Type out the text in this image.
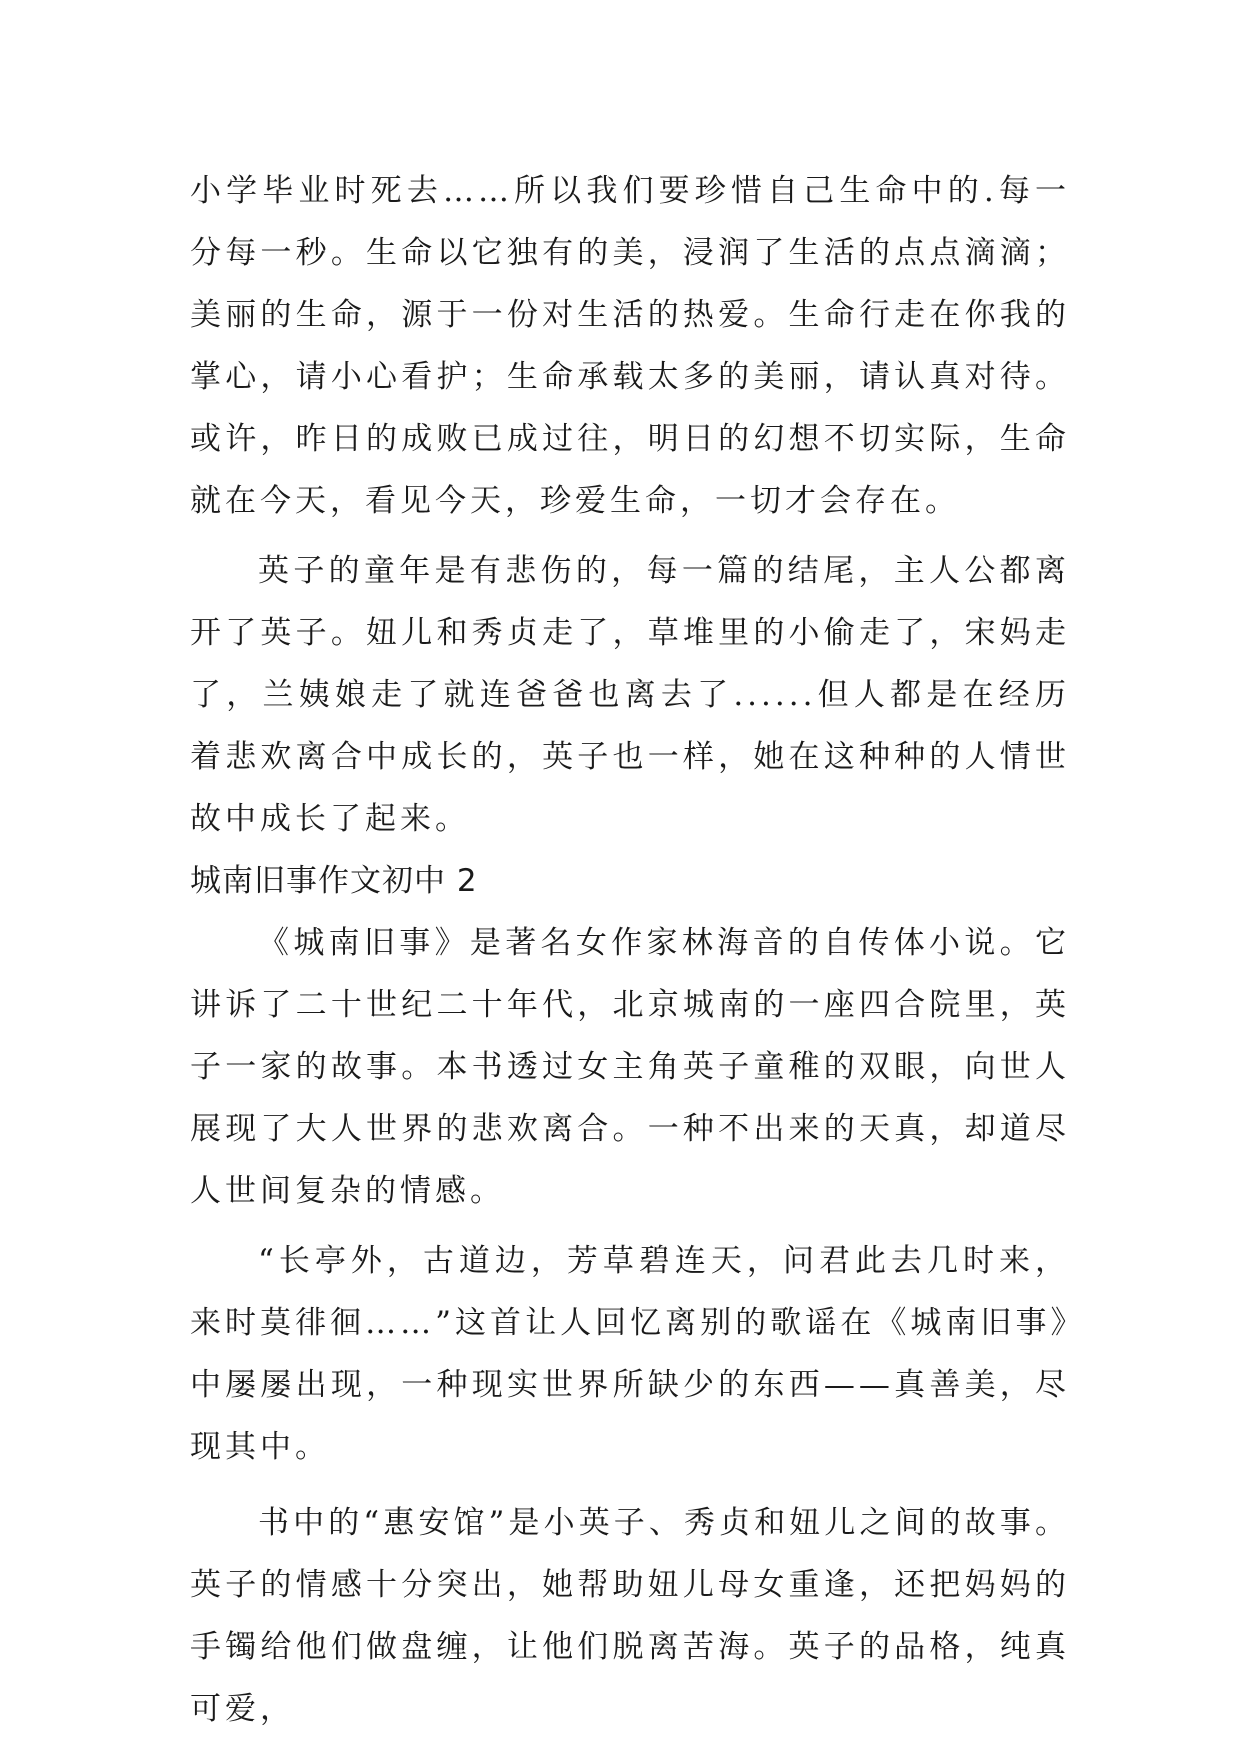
小学毕业时死去……所以我们要珍惜自己生命中的.每一分每一秒。生命以它独有的美，浸润了生活的点点滴滴；美丽的生命，源于一份对生活的热爱。生命行走在你我的掌心，请小心看护；生命承载太多的美丽，请认真对待。或许，昨日的成败已成过往，明日的幻想不切实际，生命就在今天，看见今天，珍爱生命，一切才会存在。

英子的童年是有悲伤的，每一篇的结尾，主人公都离开了英子。妞儿和秀贞走了，草堆里的小偷走了，宋妈走了，兰姨娘走了就连爸爸也离去了......但人都是在经历着悲欢离合中成长的，英子也一样，她在这种种的人情世故中成长了起来。

城南旧事作文初中 2

《城南旧事》是著名女作家林海音的自传体小说。它讲诉了二十世纪二十年代，北京城南的一座四合院里，英子一家的故事。本书透过女主角英子童稚的双眼，向世人展现了大人世界的悲欢离合。一种不出来的天真，却道尽人世间复杂的情感。

“长亭外，古道边，芳草碧连天，问君此去几时来，来时莫徘徊……”这首让人回忆离别的歌谣在《城南旧事》中屡屡出现，一种现实世界所缺少的东西——真善美，尽现其中。

书中的“惠安馆”是小英子、秀贞和妞儿之间的故事。英子的情感十分突出，她帮助妞儿母女重逢，还把妈妈的手镯给他们做盘缠，让他们脱离苦海。英子的品格，纯真可爱，
